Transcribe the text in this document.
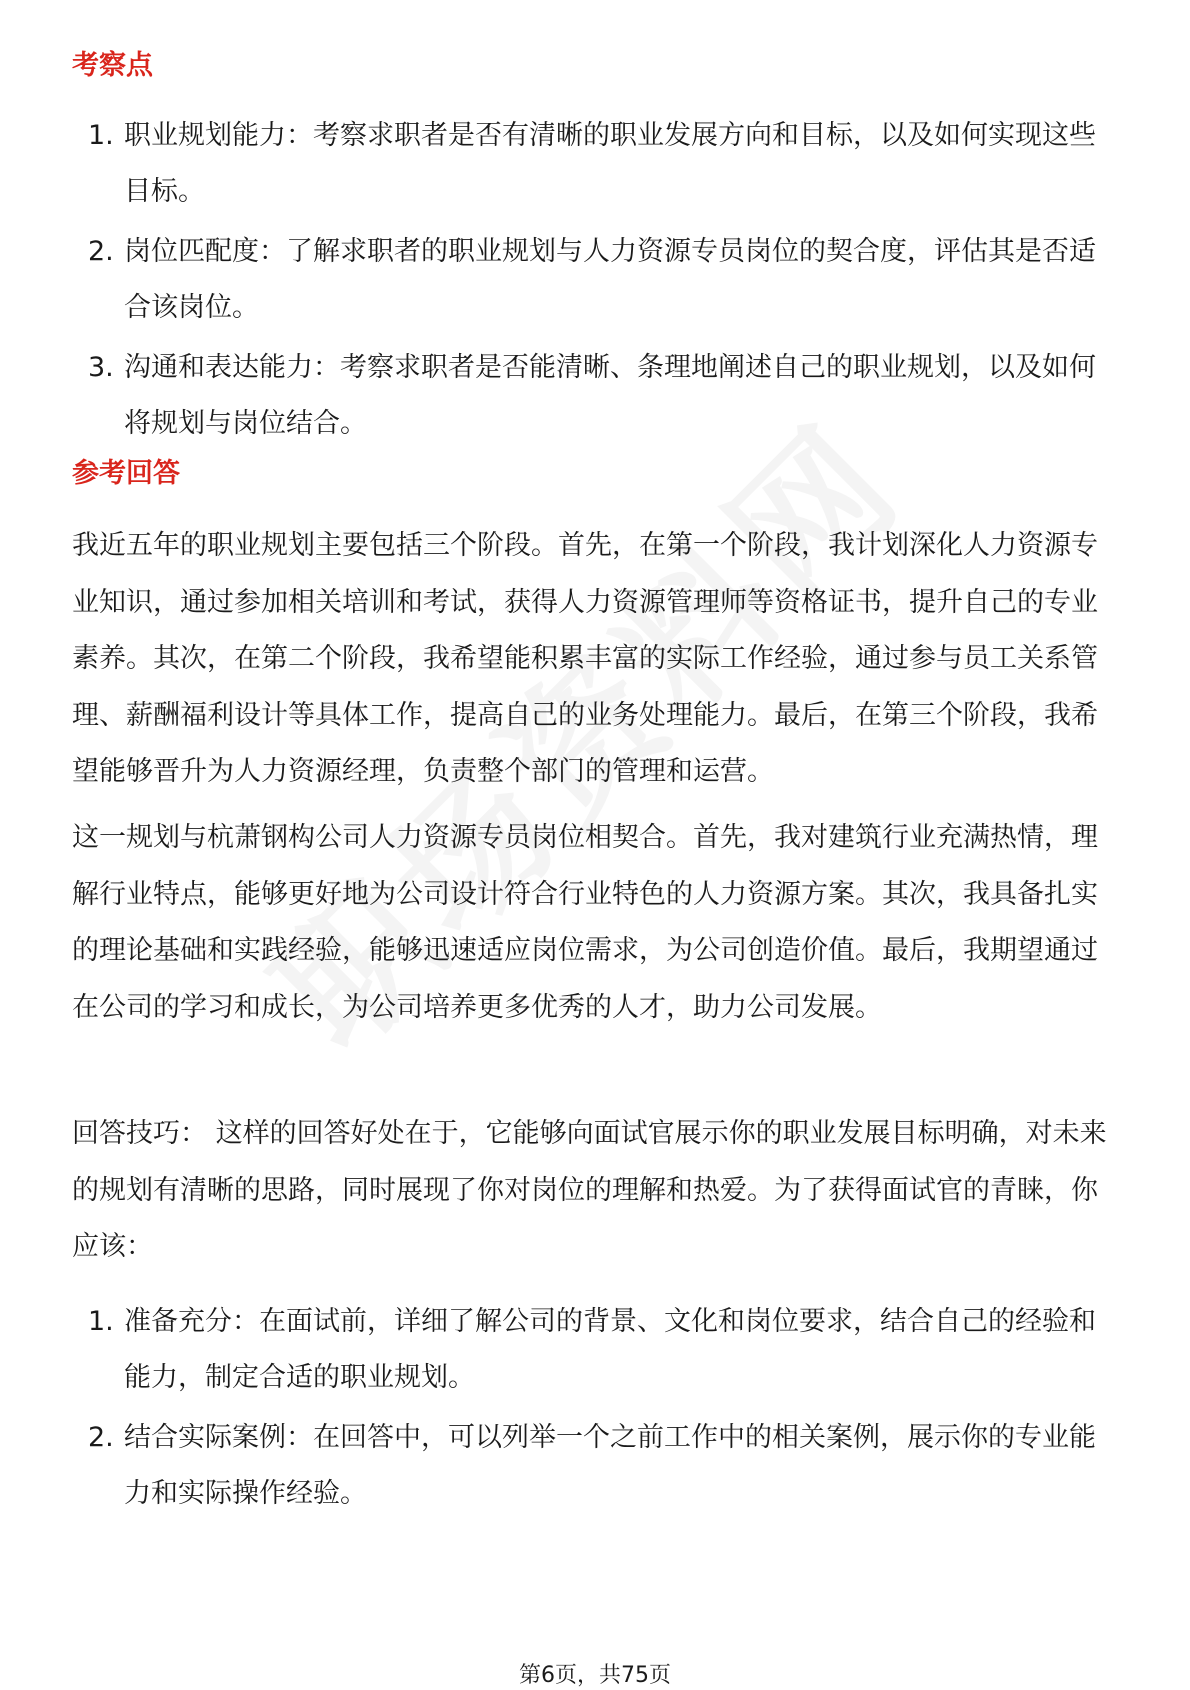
考察点
1. 职业规划能力：考察求职者是否有清晰的职业发展方向和目标，以及如何实现这些目标。
2. 岗位匹配度：了解求职者的职业规划与人力资源专员岗位的契合度，评估其是否适合该岗位。
3. 沟通和表达能力：考察求职者是否能清晰、条理地阐述自己的职业规划，以及如何将规划与岗位结合。
参考回答

我近五年的职业规划主要包括三个阶段。首先，在第一个阶段，我计划深化人力资源专业知识，通过参加相关培训和考试，获得人力资源管理师等资格证书，提升自己的专业素养。其次，在第二个阶段，我希望能积累丰富的实际工作经验，通过参与员工关系管理、薪酬福利设计等具体工作，提高自己的业务处理能力。最后，在第三个阶段，我希望能够晋升为人力资源经理，负责整个部门的管理和运营。

这一规划与杭萧钢构公司人力资源专员岗位相契合。首先，我对建筑行业充满热情，理解行业特点，能够更好地为公司设计符合行业特色的人力资源方案。其次，我具备扎实的理论基础和实践经验，能够迅速适应岗位需求，为公司创造价值。最后，我期望通过在公司的学习和成长，为公司培养更多优秀的人才，助力公司发展。

回答技巧： 这样的回答好处在于，它能够向面试官展示你的职业发展目标明确，对未来的规划有清晰的思路，同时展现了你对岗位的理解和热爱。为了获得面试官的青睐，你应该：

1. 准备充分：在面试前，详细了解公司的背景、文化和岗位要求，结合自己的经验和能力，制定合适的职业规划。
2. 结合实际案例：在回答中，可以列举一个之前工作中的相关案例，展示你的专业能力和实际操作经验。
第6页，共75页
